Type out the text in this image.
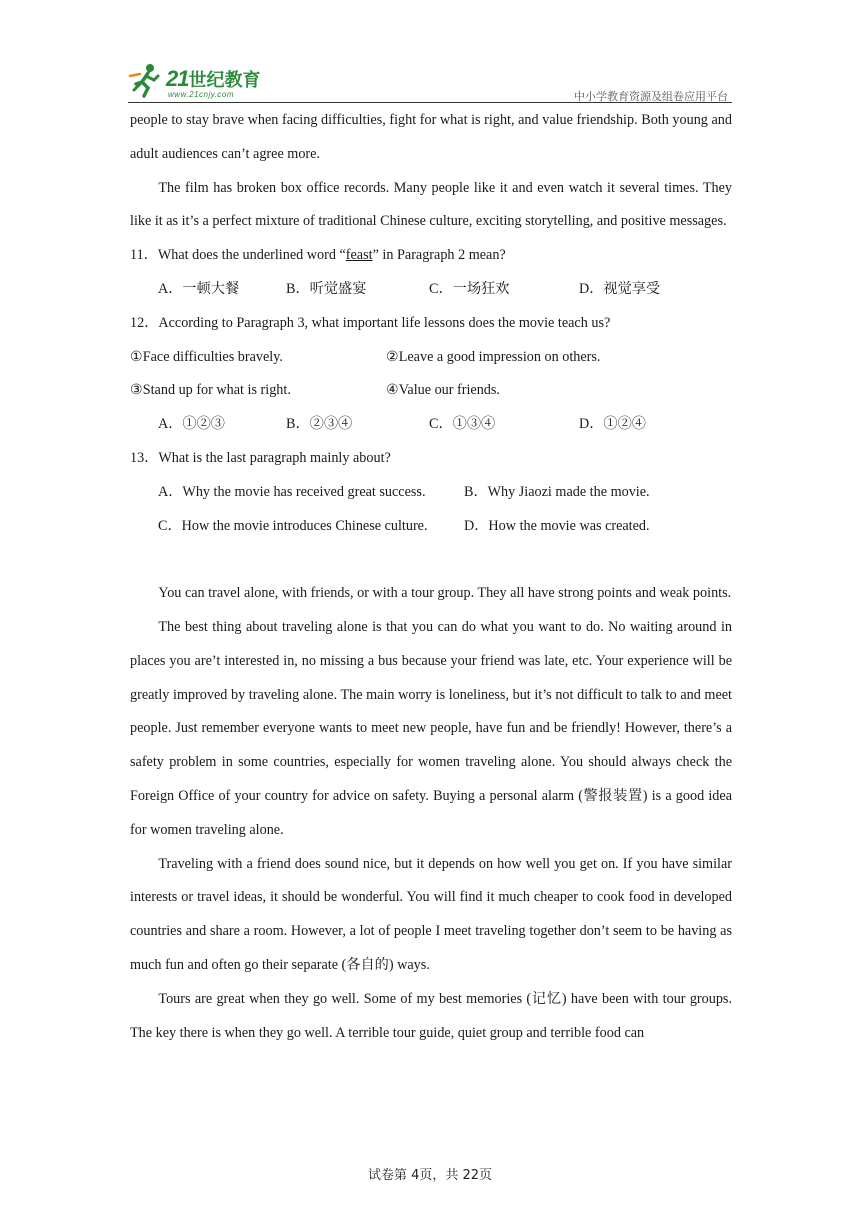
21世纪教育
www.21cnjy.com	中小学教育资源及组卷应用平台

people to stay brave when facing difficulties, fight for what is right, and value friendship. Both young and adult audiences can’t agree more.

The film has broken box office records. Many people like it and even watch it several times. They like it as it’s a perfect mixture of traditional Chinese culture, exciting storytelling, and positive messages.

11．What does the underlined word “feast” in Paragraph 2 mean?

A．一顿大餐	B．听觉盛宴	C．一场狂欢	D．视觉享受

12．According to Paragraph 3, what important life lessons does the movie teach us?

①Face difficulties bravely.	②Leave a good impression on others.
③Stand up for what is right.	④Value our friends.
A．①②③	B．②③④	C．①③④	D．①②④

13．What is the last paragraph mainly about?

A．Why the movie has received great success.	B．Why Jiaozi made the movie.
C．How the movie introduces Chinese culture.	D．How the movie was created.

You can travel alone, with friends, or with a tour group. They all have strong points and weak points.

The best thing about traveling alone is that you can do what you want to do. No waiting around in places you are’t interested in, no missing a bus because your friend was late, etc. Your experience will be greatly improved by traveling alone. The main worry is loneliness, but it’s not difficult to talk to and meet people. Just remember everyone wants to meet new people, have fun and be friendly! However, there’s a safety problem in some countries, especially for women traveling alone. You should always check the Foreign Office of your country for advice on safety. Buying a personal alarm (警报装置) is a good idea for women traveling alone.

Traveling with a friend does sound nice, but it depends on how well you get on. If you have similar interests or travel ideas, it should be wonderful. You will find it much cheaper to cook food in developed countries and share a room. However, a lot of people I meet traveling together don’t seem to be having as much fun and often go their separate (各自的) ways.

Tours are great when they go well. Some of my best memories (记忆) have been with tour groups. The key there is when they go well. A terrible tour guide, quiet group and terrible food can

试卷第 4页，共 22页
